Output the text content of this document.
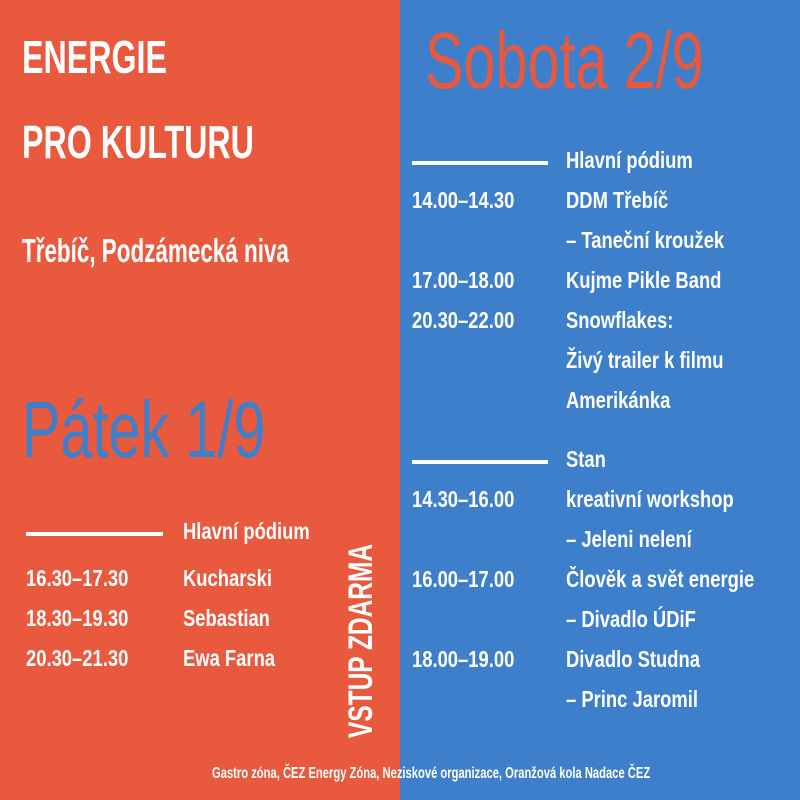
ENERGIE
PRO KULTURU
Třebíč, Podzámecká niva
Pátek 1/9
Hlavní pódium
16.30–17.30 Kucharski
18.30–19.30 Sebastian
20.30–21.30 Ewa Farna VSTUP ZDARMA
Sobota 2/9
Hlavní pódium
14.00–14.30 DDM Třebíč
– Taneční kroužek
17.00–18.00 Kujme Pikle Band
20.30–22.00 Snowflakes:
Živý trailer k filmu
Amerikánka
Stan
14.30–16.00 kreativní workshop
– Jeleni nelení
16.00–17.00 Člověk a svět energie
– Divadlo ÚDiF
18.00–19.00 Divadlo Studna
– Princ Jaromil
Gastro zóna, ČEZ Energy Zóna, Neziskové organizace, Oranžová kola Nadace ČEZ
